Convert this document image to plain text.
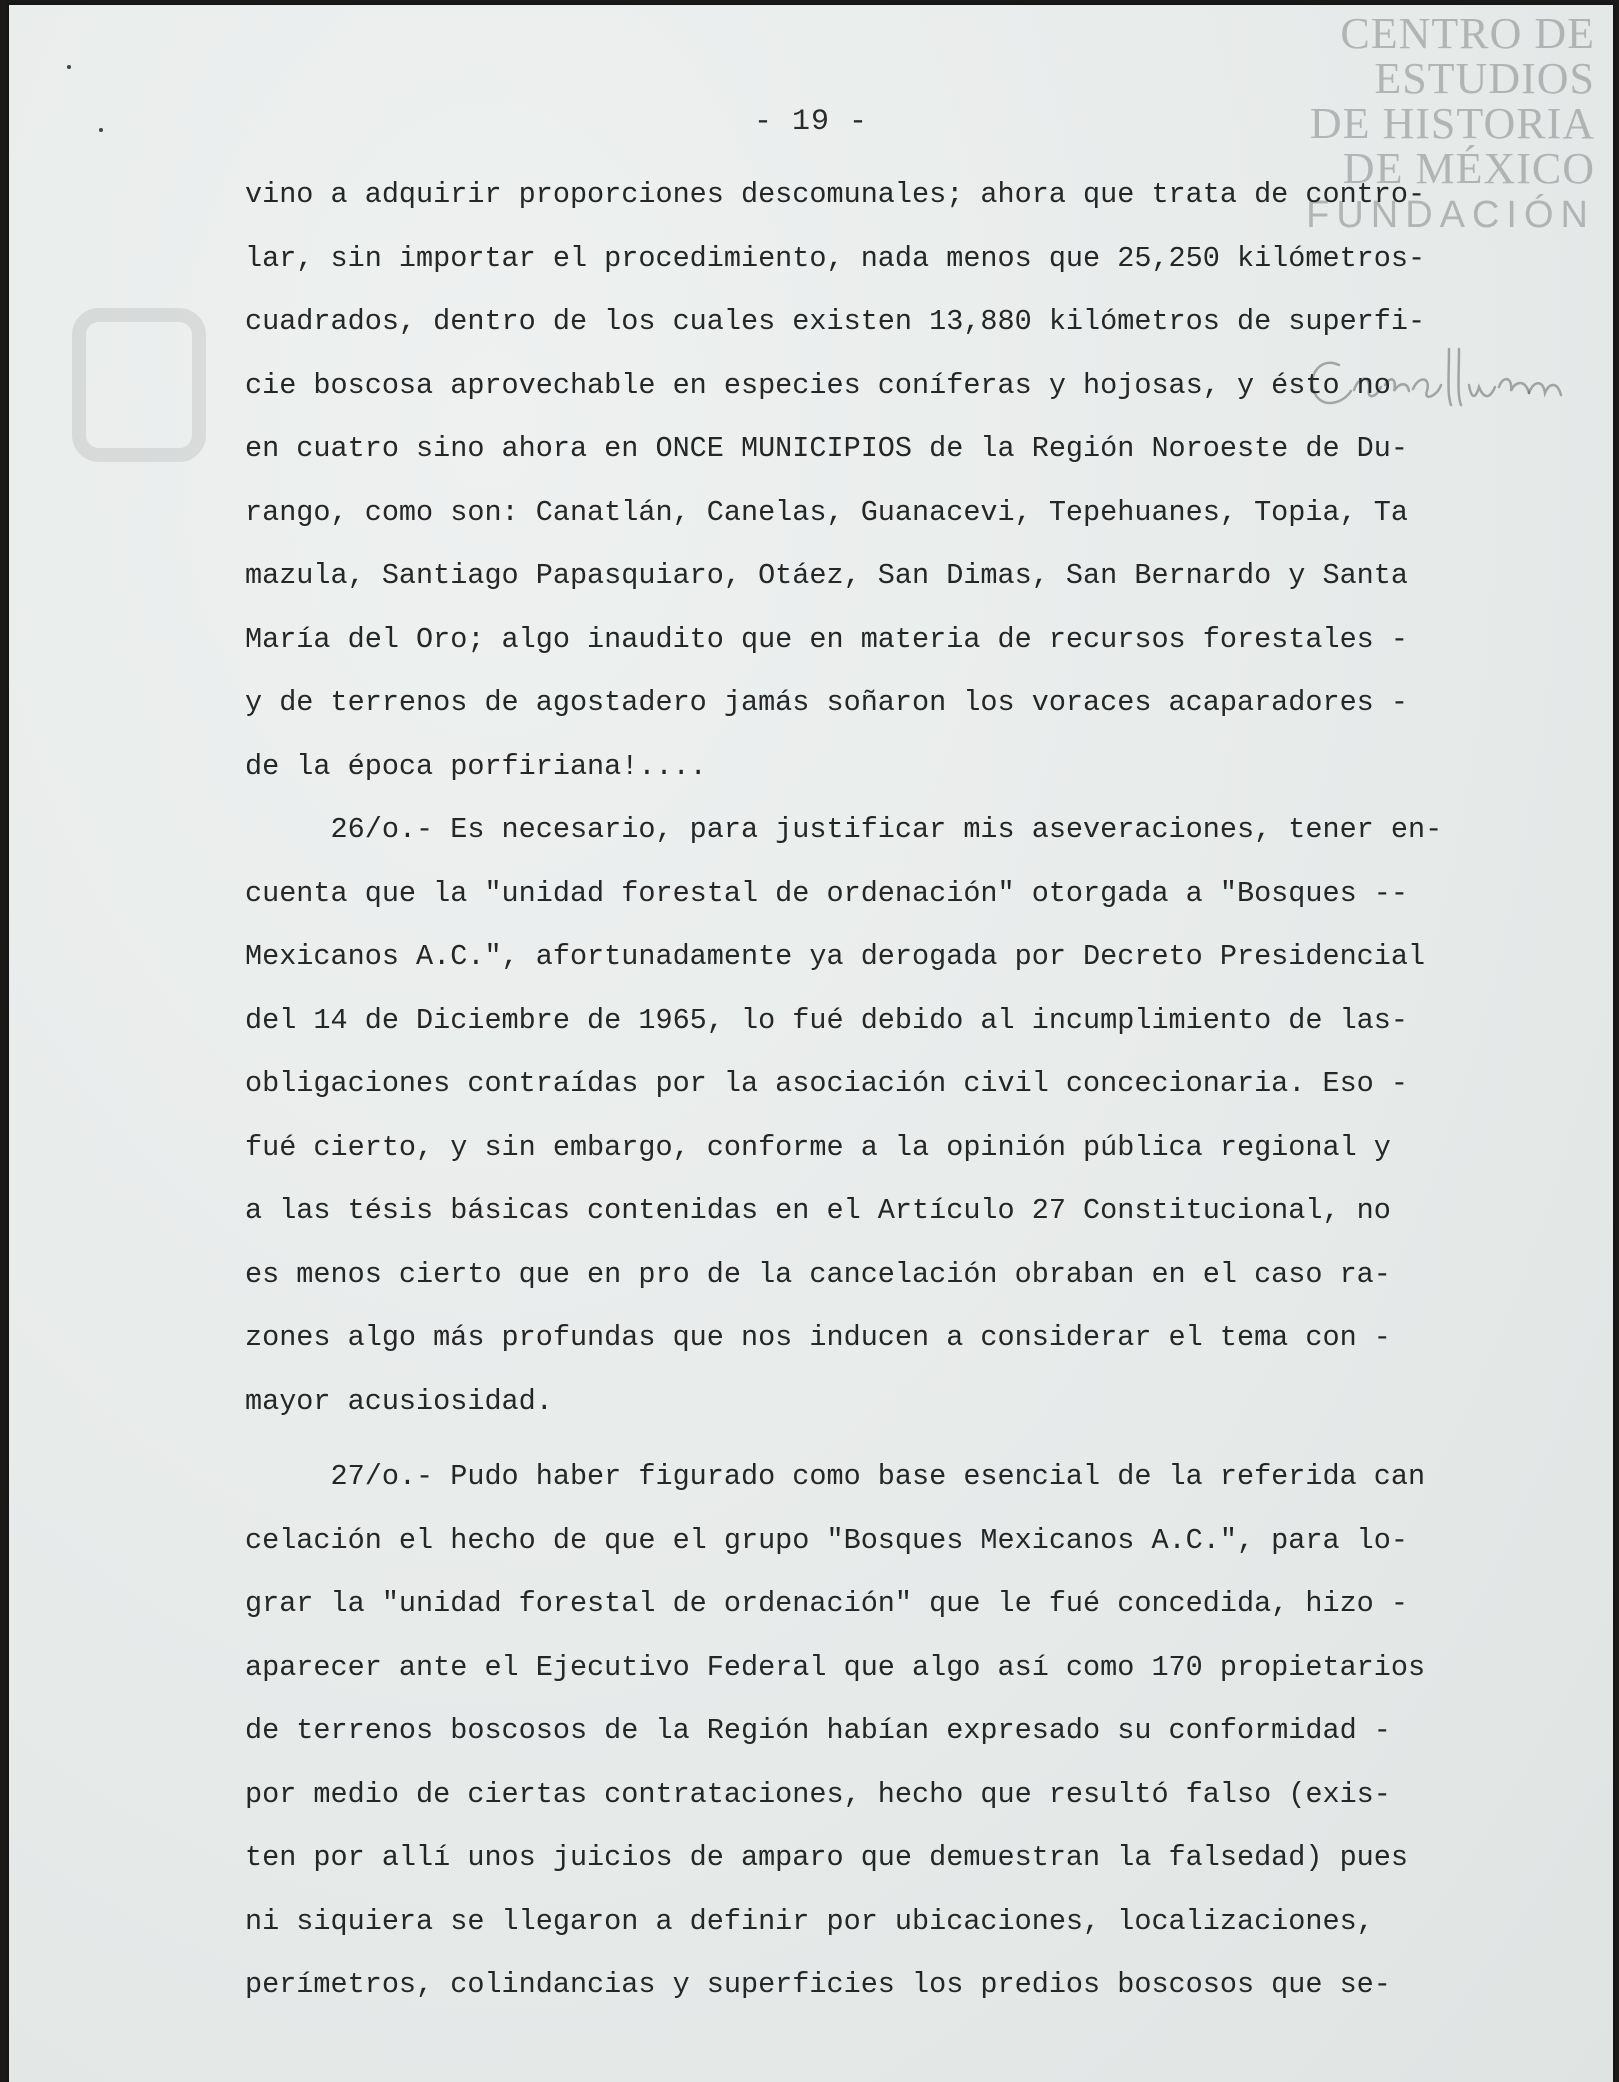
CENTRO DE
ESTUDIOS
DE HISTORIA
DE MÉXICO
FUNDACIÓN
- 19 -
vino a adquirir proporciones descomunales; ahora que trata de contro-
lar, sin importar el procedimiento, nada menos que 25,250 kilómetros-
cuadrados, dentro de los cuales existen 13,880 kilómetros de superfi-
cie boscosa aprovechable en especies coníferas y hojosas, y ésto no
en cuatro sino ahora en ONCE MUNICIPIOS de la Región Noroeste de Du-
rango, como son: Canatlán, Canelas, Guanacevi, Tepehuanes, Topia, Ta
mazula, Santiago Papasquiaro, Otáez, San Dimas, San Bernardo y Santa
María del Oro; algo inaudito que en materia de recursos forestales -
y de terrenos de agostadero jamás soñaron los voraces acaparadores -
de la época porfiriana!....
26/o.- Es necesario, para justificar mis aseveraciones, tener en-
cuenta que la "unidad forestal de ordenación" otorgada a "Bosques --
Mexicanos A.C.", afortunadamente ya derogada por Decreto Presidencial
del 14 de Diciembre de 1965, lo fué debido al incumplimiento de las-
obligaciones contraídas por la asociación civil concecionaria. Eso -
fué cierto, y sin embargo, conforme a la opinión pública regional y
a las tésis básicas contenidas en el Artículo 27 Constitucional, no
es menos cierto que en pro de la cancelación obraban en el caso ra-
zones algo más profundas que nos inducen a considerar el tema con -
mayor acusiosidad.
27/o.- Pudo haber figurado como base esencial de la referida can
celación el hecho de que el grupo "Bosques Mexicanos A.C.", para lo-
grar la "unidad forestal de ordenación" que le fué concedida, hizo -
aparecer ante el Ejecutivo Federal que algo así como 170 propietarios
de terrenos boscosos de la Región habían expresado su conformidad -
por medio de ciertas contrataciones, hecho que resultó falso (exis-
ten por allí unos juicios de amparo que demuestran la falsedad) pues
ni siquiera se llegaron a definir por ubicaciones, localizaciones,
perímetros, colindancias y superficies los predios boscosos que se-
